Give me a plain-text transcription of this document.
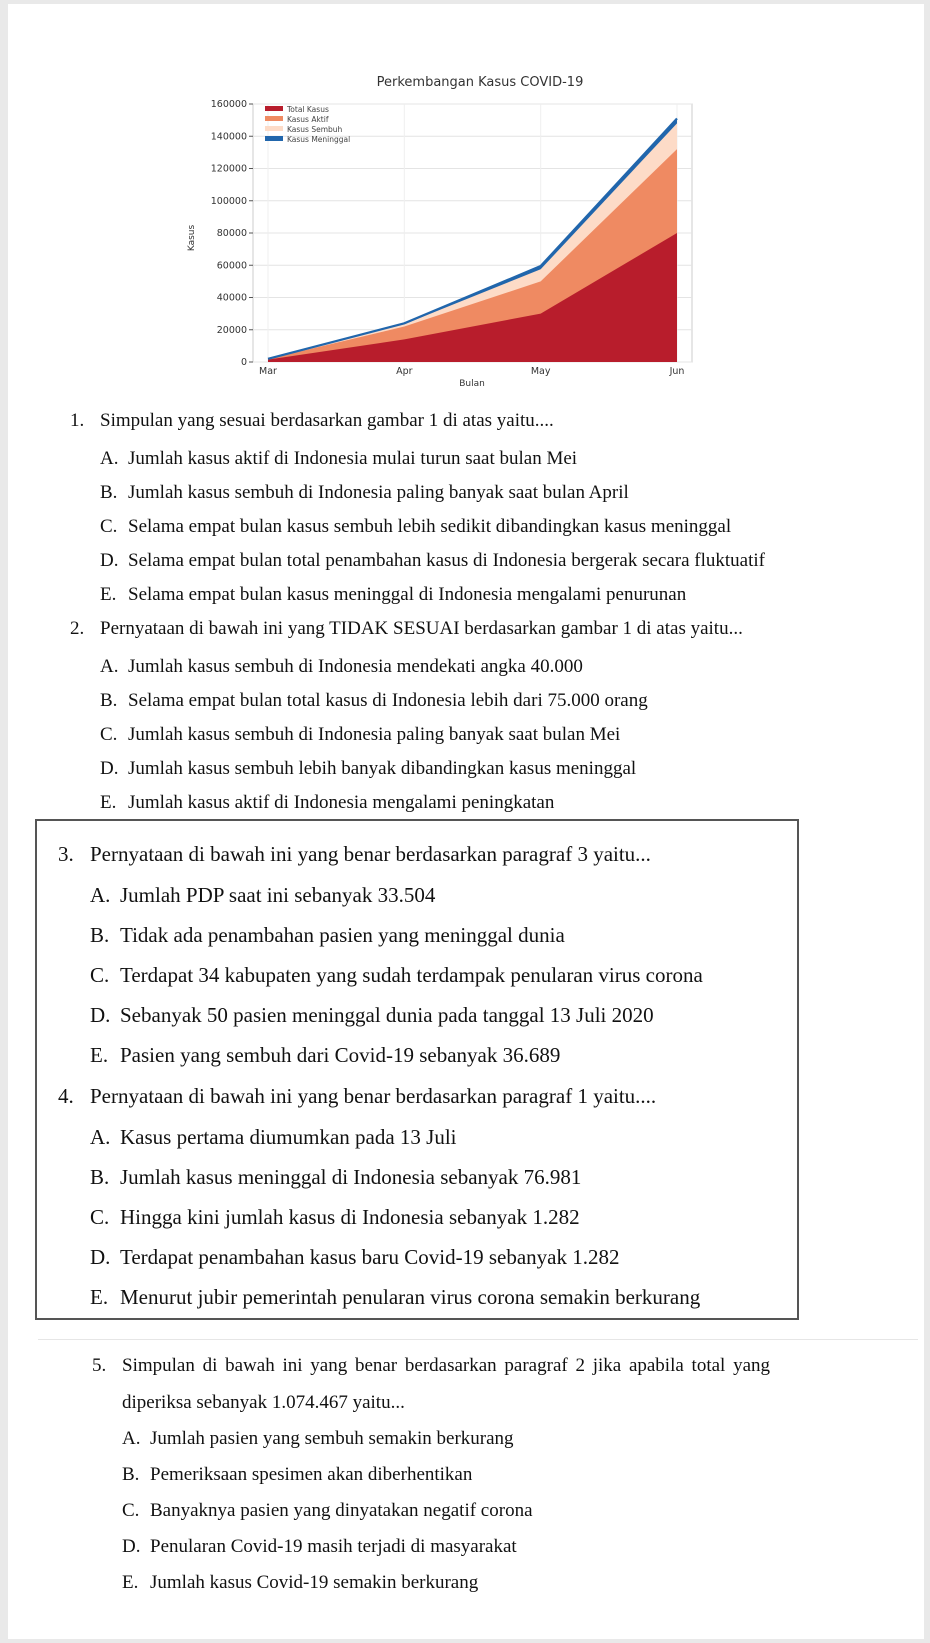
Perkembangan Kasus COVID-19
Kasus
Bulan
0
20000
40000
60000
80000
100000
120000
140000
160000
Mar	Apr	May	Jun
Total Kasus
Kasus Aktif
Kasus Sembuh
Kasus Meninggal
1. Simpulan yang sesuai berdasarkan gambar 1 di atas yaitu....
A. Jumlah kasus aktif di Indonesia mulai turun saat bulan Mei
B. Jumlah kasus sembuh di Indonesia paling banyak saat bulan April
C. Selama empat bulan kasus sembuh lebih sedikit dibandingkan kasus meninggal
D. Selama empat bulan total penambahan kasus di Indonesia bergerak secara fluktuatif
E. Selama empat bulan kasus meninggal di Indonesia mengalami penurunan
2. Pernyataan di bawah ini yang TIDAK SESUAI berdasarkan gambar 1 di atas yaitu...
A. Jumlah kasus sembuh di Indonesia mendekati angka 40.000
B. Selama empat bulan total kasus di Indonesia lebih dari 75.000 orang
C. Jumlah kasus sembuh di Indonesia paling banyak saat bulan Mei
D. Jumlah kasus sembuh lebih banyak dibandingkan kasus meninggal
E. Jumlah kasus aktif di Indonesia mengalami peningkatan
3. Pernyataan di bawah ini yang benar berdasarkan paragraf 3 yaitu...
A. Jumlah PDP saat ini sebanyak 33.504
B. Tidak ada penambahan pasien yang meninggal dunia
C. Terdapat 34 kabupaten yang sudah terdampak penularan virus corona
D. Sebanyak 50 pasien meninggal dunia pada tanggal 13 Juli 2020
E. Pasien yang sembuh dari Covid-19 sebanyak 36.689
4. Pernyataan di bawah ini yang benar berdasarkan paragraf 1 yaitu....
A. Kasus pertama diumumkan pada 13 Juli
B. Jumlah kasus meninggal di Indonesia sebanyak 76.981
C. Hingga kini jumlah kasus di Indonesia sebanyak 1.282
D. Terdapat penambahan kasus baru Covid-19 sebanyak 1.282
E. Menurut jubir pemerintah penularan virus corona semakin berkurang
5. Simpulan di bawah ini yang benar berdasarkan paragraf 2 jika apabila total yang
diperiksa sebanyak 1.074.467 yaitu...
A. Jumlah pasien yang sembuh semakin berkurang
B. Pemeriksaan spesimen akan diberhentikan
C. Banyaknya pasien yang dinyatakan negatif corona
D. Penularan Covid-19 masih terjadi di masyarakat
E. Jumlah kasus Covid-19 semakin berkurang
